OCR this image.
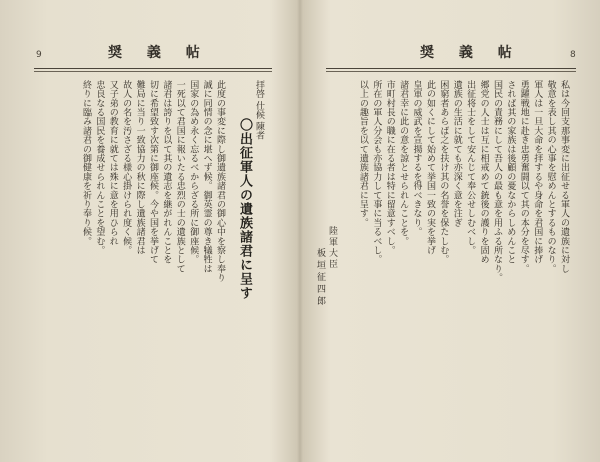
9	奨 義 帖
拝啓 仕候 陳者
〇出征軍人の遺族諸君に呈す
此度の事変に際し御遺族諸君の御心中を察し奉り
誠に同情の念に堪へず候。御英霊の尊き犠牲は
国家の為め永く忘るべからざる所に御座候。
一死以て君国に報いたる忠烈の士の遺族として
諸君は誇りを以て其の遺志を継がれんことを
切に希望致す次第に御座候。今や国を挙げて
難局に当り一致協力の秋に際し遺族諸君は
故人の名を汚さざる様心掛けられ度く候。
又子弟の教育に就ては殊に意を用ひられ
忠良なる国民を養成せられんことを望む。
終りに臨み諸君の御健康を祈り奉り候。
8
奨 義 帖
私は今回支那事変に出征せる軍人の遺族に対し
敬意を表し其の心事を慰めんとするものなり。
軍人は一旦大命を拝するや身命を君国に捧げ
勇躍戦地に赴き忠勇奮闘以て其の本分を尽す。
されば其の家族は後顧の憂なからしめんこと
国民の責務にして吾人の最も意を用ふる所なり。
郷党の人士は互に相戒めて銃後の護りを固め
出征将士をして安んじて奉公せしむべし。
遺族の生活に就ても亦深く意を注ぎ
困窮者あらば之を扶け其の名誉を保たしむ。
此の如くにして始めて挙国一致の実を挙げ
皇軍の威武を宣揚するを得べきなり。
諸君幸に此の意を諒とせられんことを。
市町村長の職に在る者は特に留意すべし。
所在の軍人分会も亦協力して事に当るべし。
以上の趣旨を以て遺族諸君に呈す。
陸軍大臣
板垣征四郎
